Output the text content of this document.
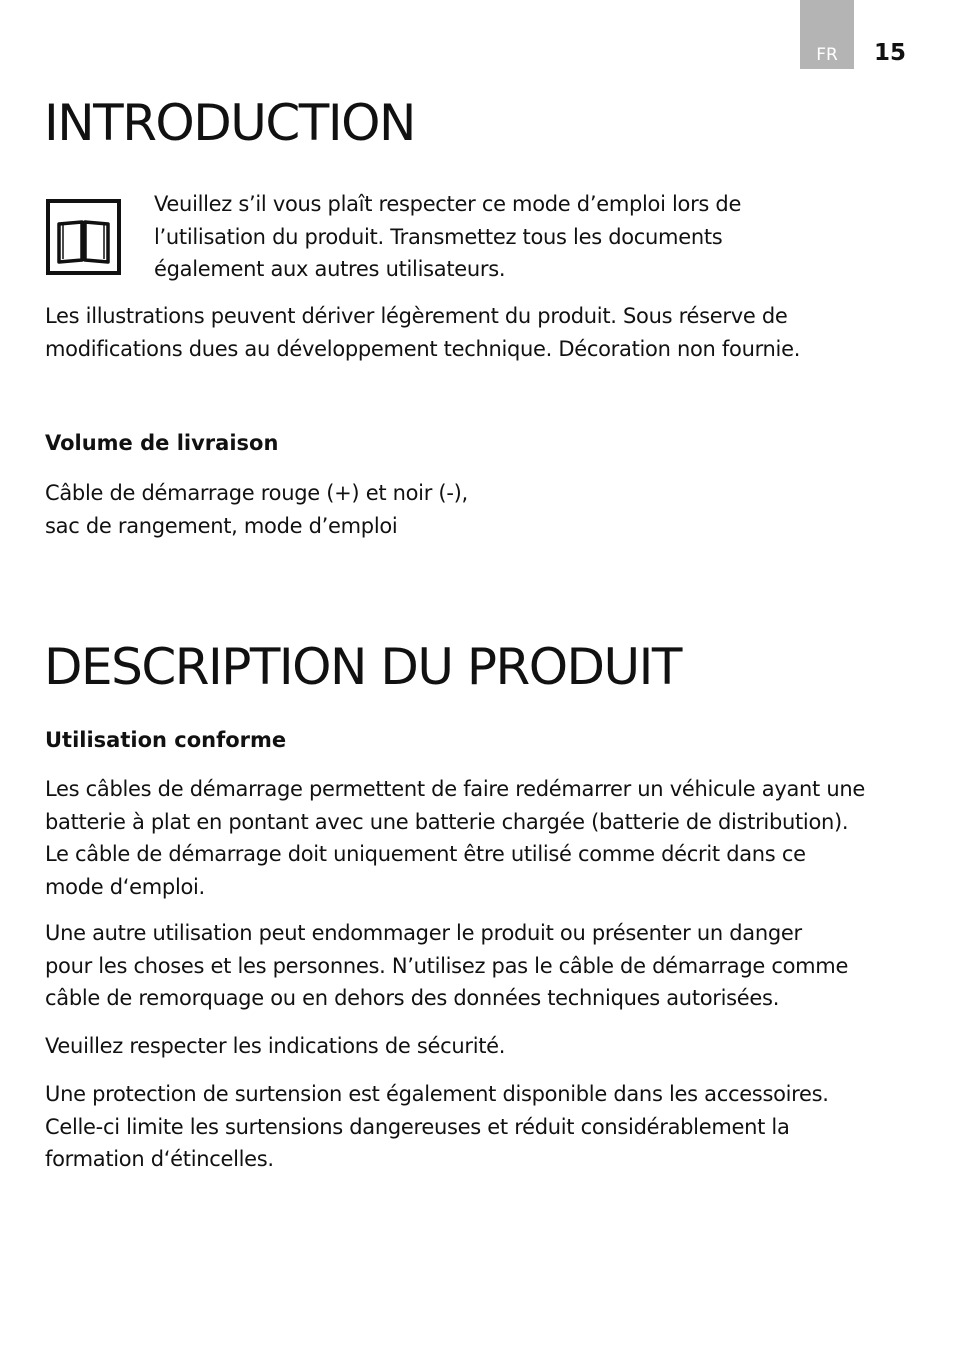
FR 15
INTRODUCTION
Veuillez s’il vous plaît respecter ce mode d’emploi lors de
l’utilisation du produit. Transmettez tous les documents
également aux autres utilisateurs.
Les illustrations peuvent dériver légèrement du produit. Sous réserve de
modifications dues au développement technique. Décoration non fournie.
Volume de livraison
Câble de démarrage rouge (+) et noir (-),
sac de rangement, mode d’emploi
DESCRIPTION DU PRODUIT
Utilisation conforme
Les câbles de démarrage permettent de faire redémarrer un véhicule ayant une
batterie à plat en pontant avec une batterie chargée (batterie de distribution).
Le câble de démarrage doit uniquement être utilisé comme décrit dans ce
mode d‘emploi.
Une autre utilisation peut endommager le produit ou présenter un danger
pour les choses et les personnes. N’utilisez pas le câble de démarrage comme
câble de remorquage ou en dehors des données techniques autorisées.
Veuillez respecter les indications de sécurité.
Une protection de surtension est également disponible dans les accessoires.
Celle-ci limite les surtensions dangereuses et réduit considérablement la
formation d‘étincelles.
